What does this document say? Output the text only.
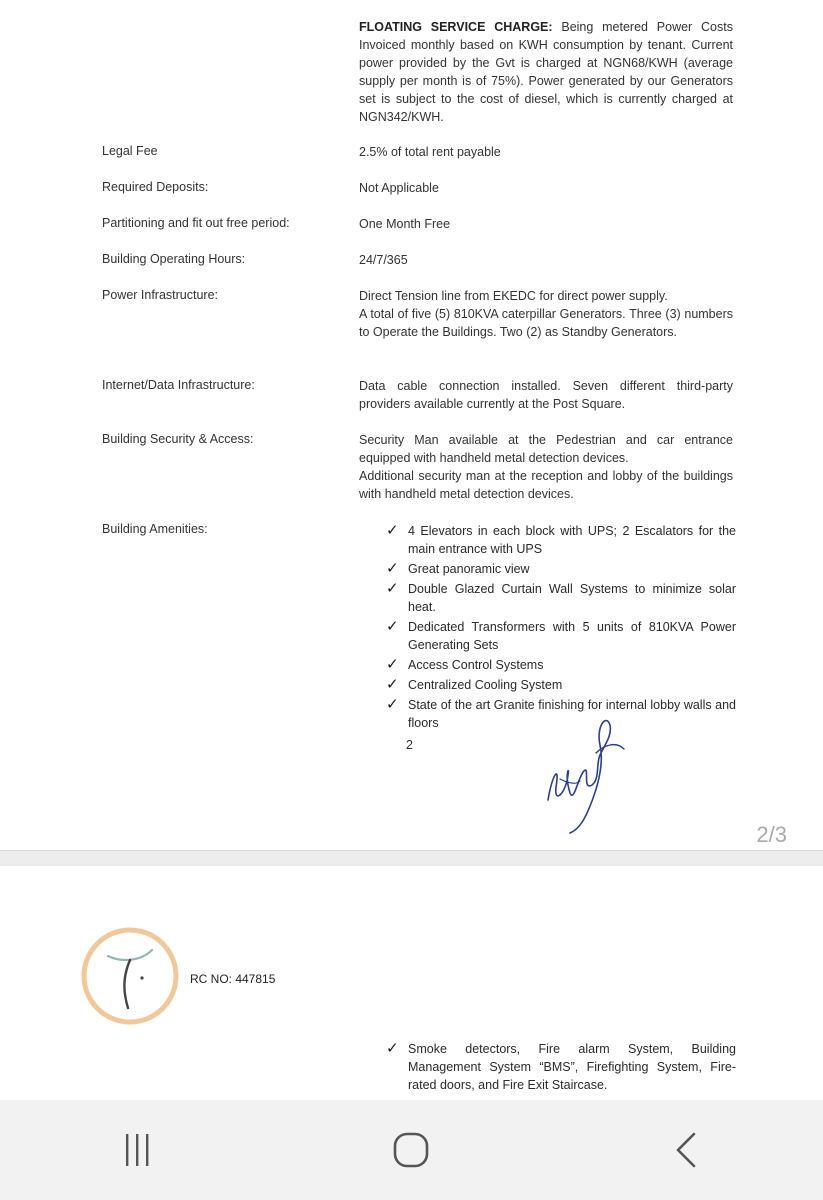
FLOATING SERVICE CHARGE: Being metered Power Costs Invoiced monthly based on KWH consumption by tenant. Current power provided by the Gvt is charged at NGN68/KWH (average supply per month is of 75%). Power generated by our Generators set is subject to the cost of diesel, which is currently charged at NGN342/KWH.
Legal Fee	2.5% of total rent payable
Required Deposits:	Not Applicable
Partitioning and fit out free period:	One Month Free
Building Operating Hours:	24/7/365
Power Infrastructure:	Direct Tension line from EKEDC for direct power supply.
A total of five (5) 810KVA caterpillar Generators. Three (3) numbers to Operate the Buildings. Two (2) as Standby Generators.
Internet/Data Infrastructure:	Data cable connection installed. Seven different third-party providers available currently at the Post Square.
Building Security & Access:	Security Man available at the Pedestrian and car entrance equipped with handheld metal detection devices.
Additional security man at the reception and lobby of the buildings with handheld metal detection devices.
Building Amenities:	✓ 4 Elevators in each block with UPS; 2 Escalators for the main entrance with UPS
✓ Great panoramic view
✓ Double Glazed Curtain Wall Systems to minimize solar heat.
✓ Dedicated Transformers with 5 units of 810KVA Power Generating Sets
✓ Access Control Systems
✓ Centralized Cooling System
✓ State of the art Granite finishing for internal lobby walls and floors
2
2/3
RC NO: 447815
✓ Smoke detectors, Fire alarm System, Building Management System “BMS”, Firefighting System, Fire-rated doors, and Fire Exit Staircase.
